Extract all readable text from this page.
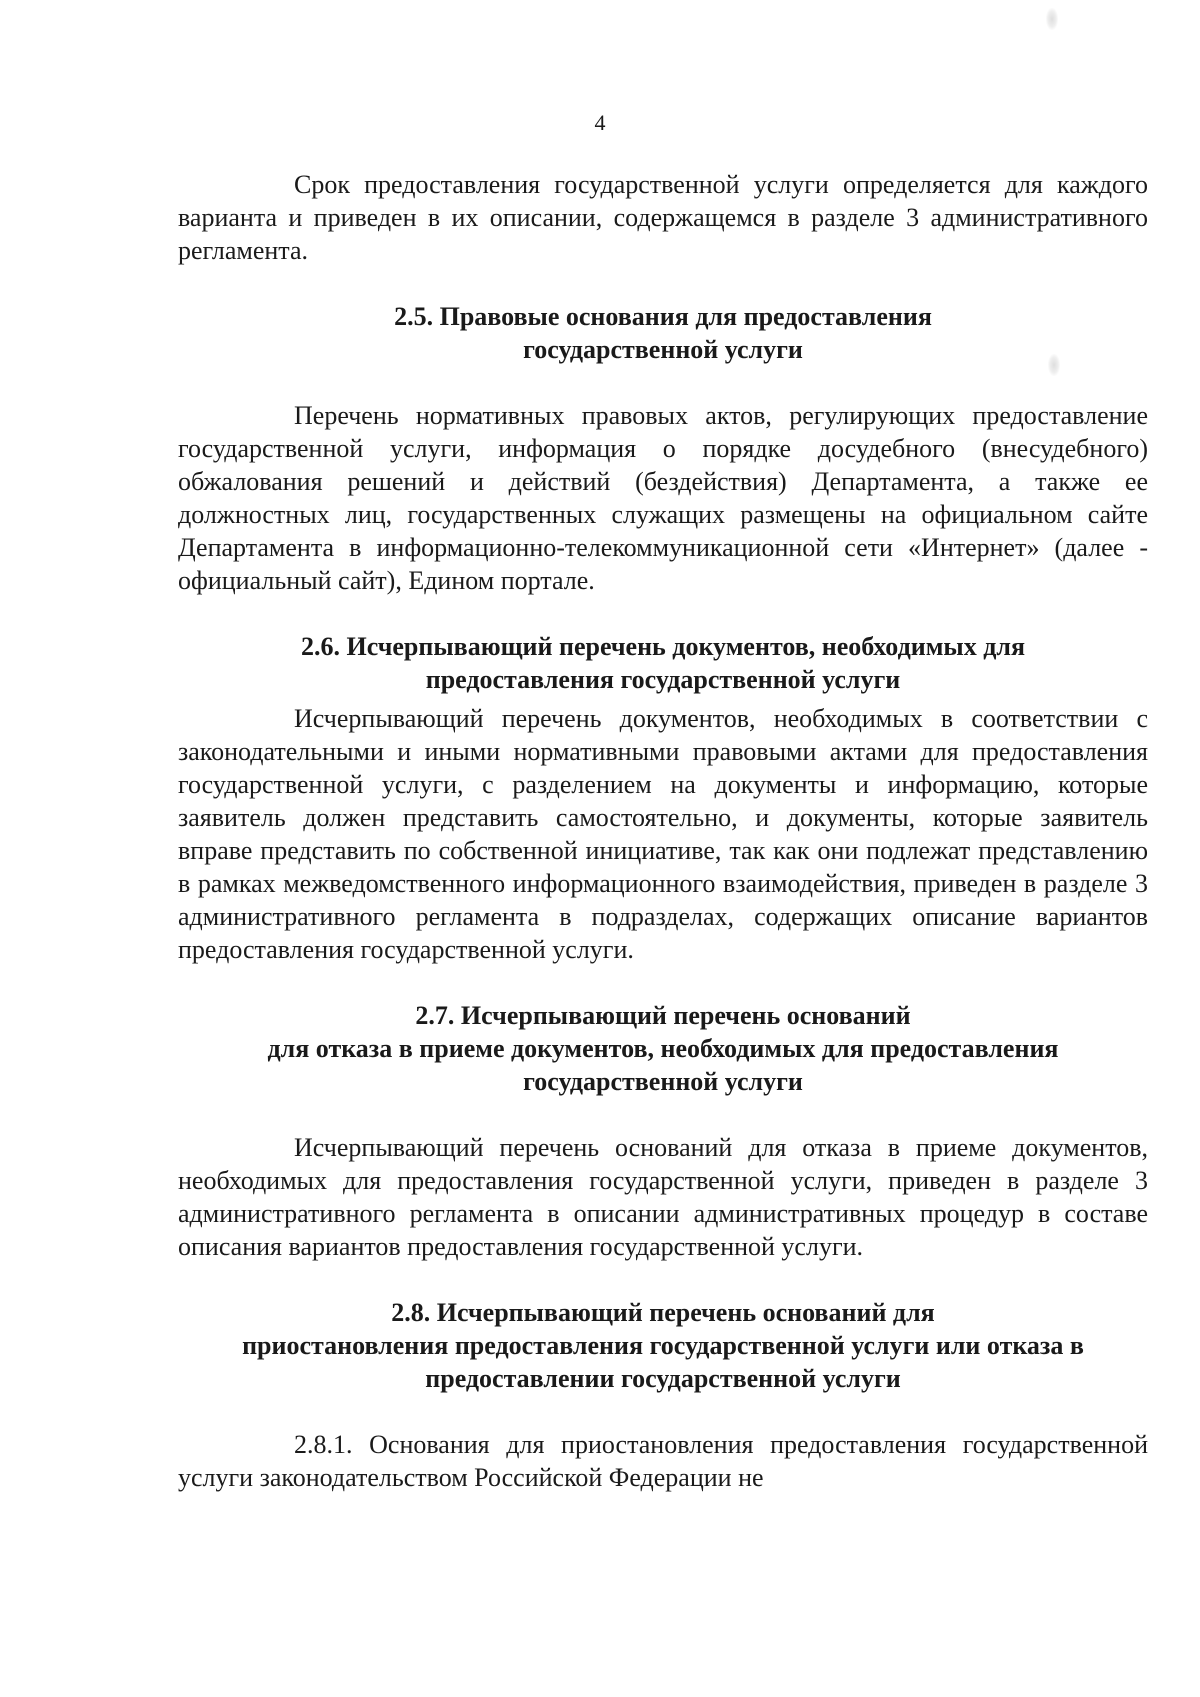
4

Срок предоставления государственной услуги определяется для каждого варианта и приведен в их описании, содержащемся в разделе 3 административного регламента.

2.5. Правовые основания для предоставления
государственной услуги

Перечень нормативных правовых актов, регулирующих предоставление государственной услуги, информация о порядке досудебного (внесудебного) обжалования решений и действий (бездействия) Департамента, а также ее должностных лиц, государственных служащих размещены на официальном сайте Департамента в информационно-телекоммуникационной сети «Интернет» (далее - официальный сайт), Едином портале.

2.6. Исчерпывающий перечень документов, необходимых для
предоставления государственной услуги

Исчерпывающий перечень документов, необходимых в соответствии с законодательными и иными нормативными правовыми актами для предоставления государственной услуги, с разделением на документы и информацию, которые заявитель должен представить самостоятельно, и документы, которые заявитель вправе представить по собственной инициативе, так как они подлежат представлению в рамках межведомственного информационного взаимодействия, приведен в разделе 3 административного регламента в подразделах, содержащих описание вариантов предоставления государственной услуги.

2.7. Исчерпывающий перечень оснований
для отказа в приеме документов, необходимых для предоставления
государственной услуги

Исчерпывающий перечень оснований для отказа в приеме документов, необходимых для предоставления государственной услуги, приведен в разделе 3 административного регламента в описании административных процедур в составе описания вариантов предоставления государственной услуги.

2.8. Исчерпывающий перечень оснований для
приостановления предоставления государственной услуги или отказа в
предоставлении государственной услуги

2.8.1. Основания для приостановления предоставления государственной услуги законодательством Российской Федерации не
